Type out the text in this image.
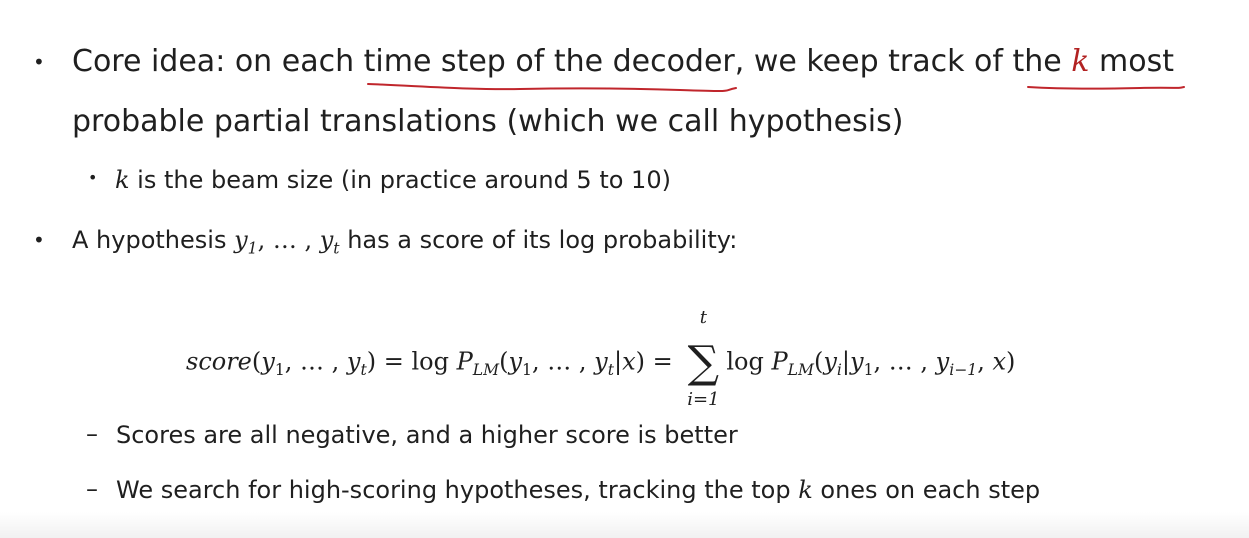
• Core idea: on each time step of the decoder, we keep track of the k most
probable partial translations (which we call hypothesis)
• k is the beam size (in practice around 5 to 10)
• A hypothesis $y_1$, … , $y_t$ has a score of its log probability:
$score(y_1$, … , $y_t) = \log P_{LM}(y_1$, … , $y_t|x$) =
t
∑
i=1
$\log P_{LM}(y_i|y_1$, … , $y_{i-1}$, x)
– Scores are all negative, and a higher score is better
– We search for high-scoring hypotheses, tracking the top k ones on each step
